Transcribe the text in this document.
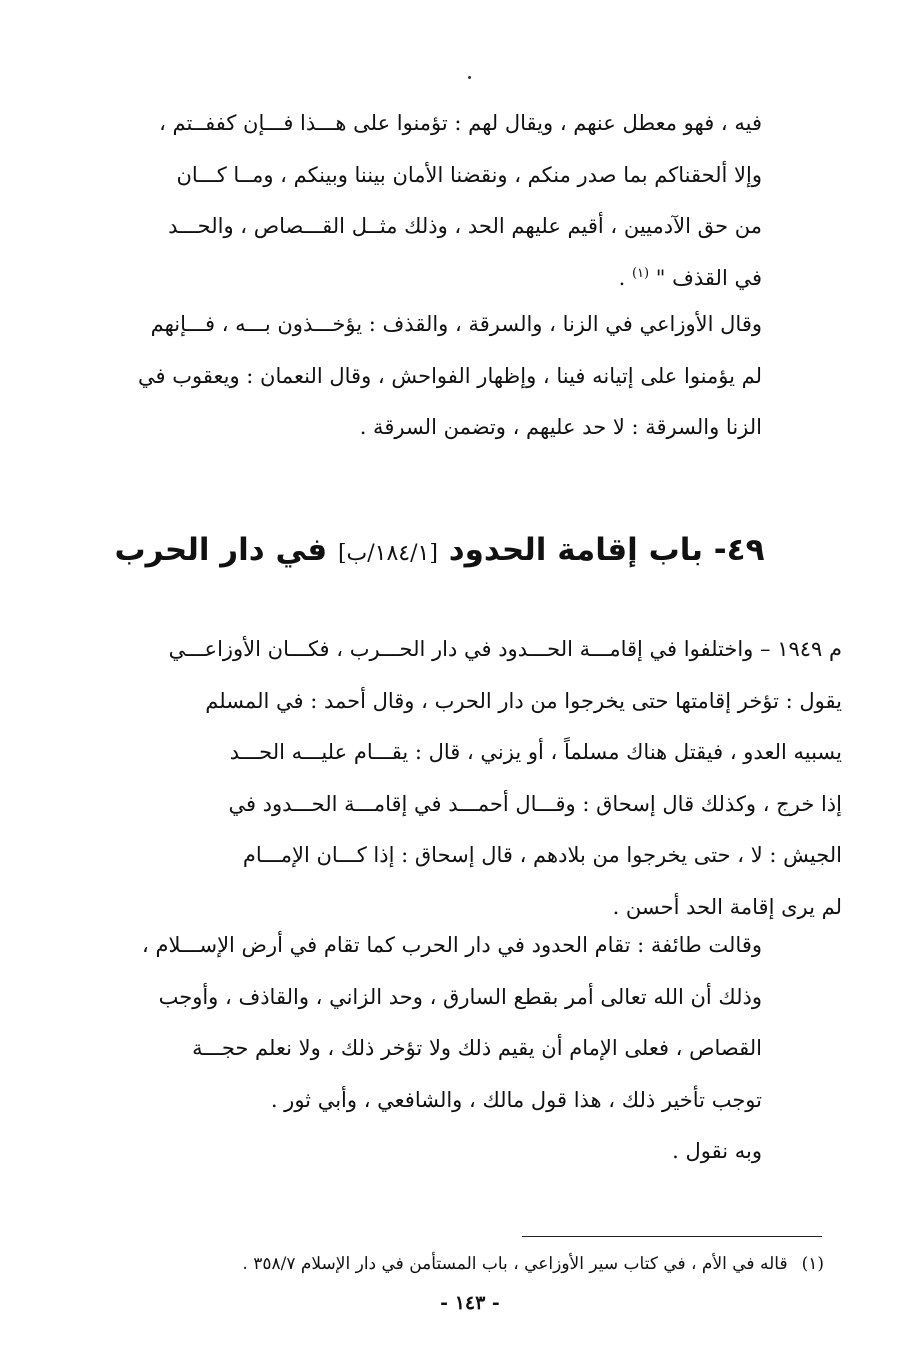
فيه ، فهو معطل عنهم ، ويقال لهم : تؤمنوا على هـــذا فـــإن كففــتم ،
وإلا ألحقناكم بما صدر منكم ، ونقضنا الأمان بيننا وبينكم ، ومــا كـــان
من حق الآدميين ، أقيم عليهم الحد ، وذلك مثــل القـــصاص ، والحـــد
في القذف " $^{(١)}$ .
وقال الأوزاعي في الزنا ، والسرقة ، والقذف : يؤخـــذون بـــه ، فـــإنهم
لم يؤمنوا على إتيانه فينا ، وإظهار الفواحش ، وقال النعمان : ويعقوب في
الزنا والسرقة : لا حد عليهم ، وتضمن السرقة .
٤٩- باب إقامة الحدود [١٨٤/١/ب] في دار الحرب
م ١٩٤٩ – واختلفوا في إقامـــة الحـــدود في دار الحـــرب ، فكـــان الأوزاعـــي
يقول : تؤخر إقامتها حتى يخرجوا من دار الحرب ، وقال أحمد : في المسلم
يسبيه العدو ، فيقتل هناك مسلماً ، أو يزني ، قال : يقـــام عليـــه الحـــد
إذا خرج ، وكذلك قال إسحاق : وقـــال أحمـــد في إقامـــة الحـــدود في
الجيش : لا ، حتى يخرجوا من بلادهم ، قال إسحاق : إذا كـــان الإمـــام
لم يرى إقامة الحد أحسن .
وقالت طائفة : تقام الحدود في دار الحرب كما تقام في أرض الإســـلام ،
وذلك أن الله تعالى أمر بقطع السارق ، وحد الزاني ، والقاذف ، وأوجب
القصاص ، فعلى الإمام أن يقيم ذلك ولا تؤخر ذلك ، ولا نعلم حجـــة
توجب تأخير ذلك ، هذا قول مالك ، والشافعي ، وأبي ثور .
وبه نقول .
(١)قاله في الأم ، في كتاب سير الأوزاعي ، باب المستأمن في دار الإسلام ٣٥٨/٧ .
- ١٤٣ -
